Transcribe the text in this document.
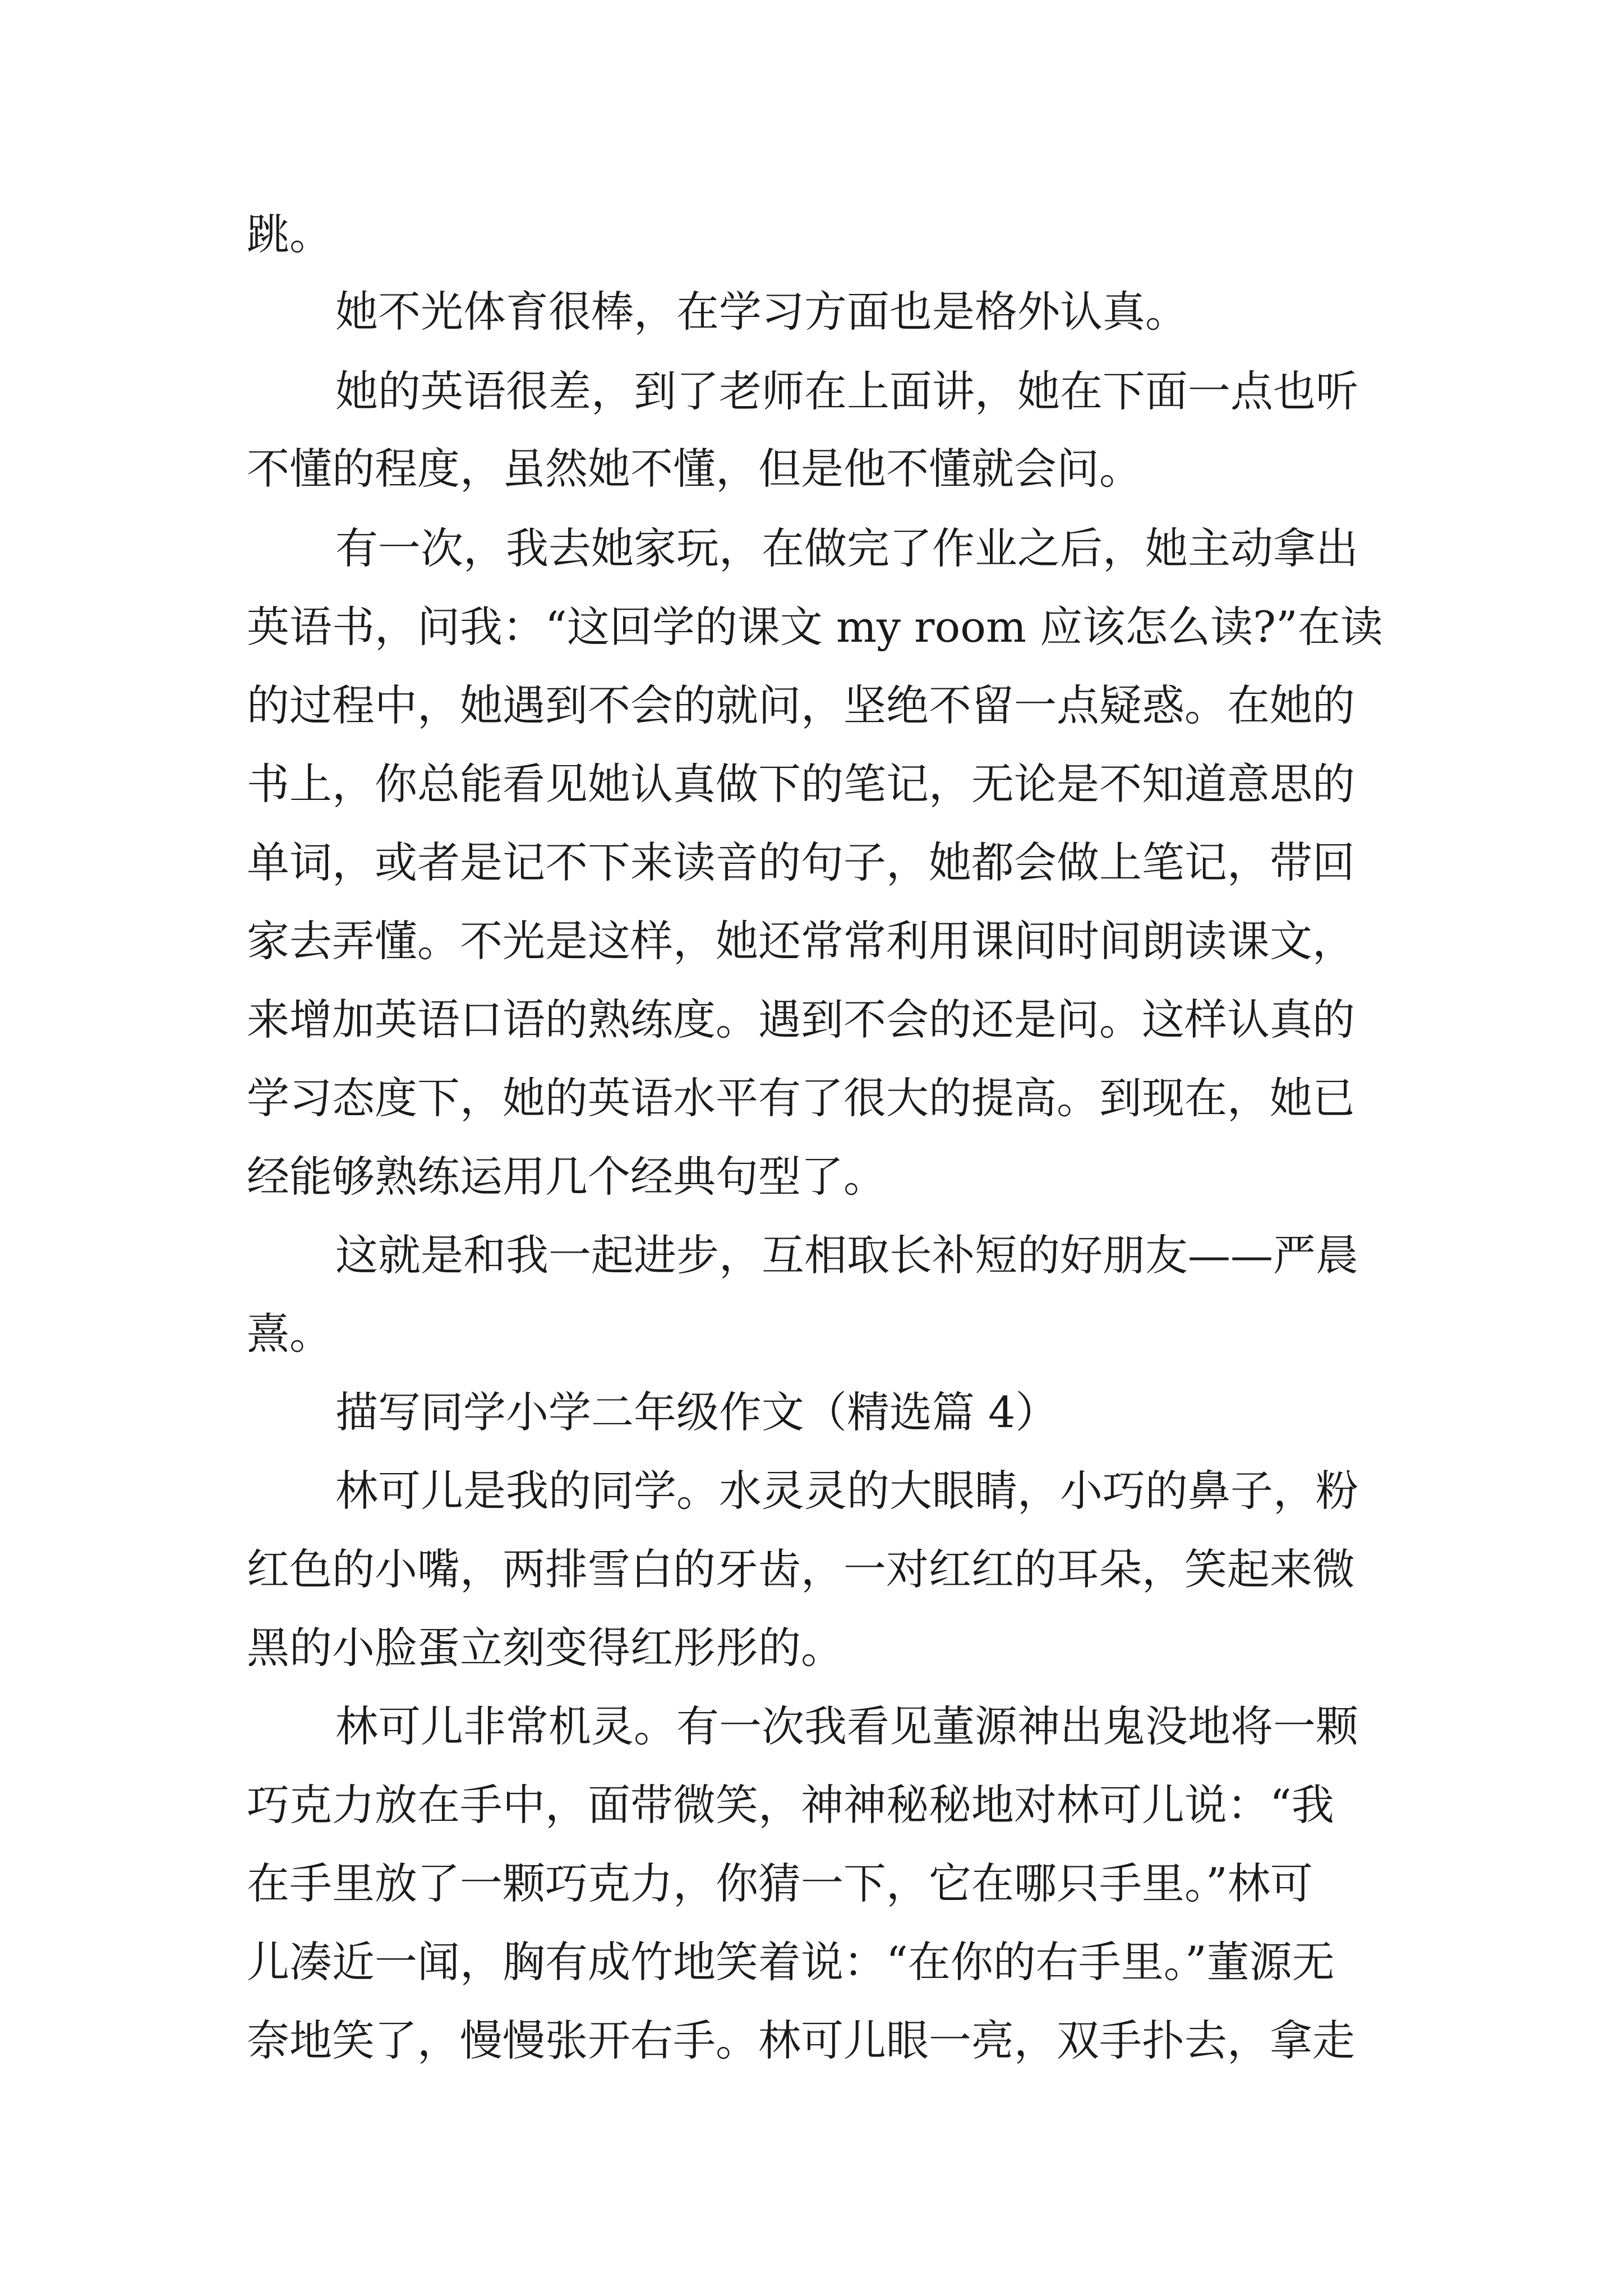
跳。

她不光体育很棒，在学习方面也是格外认真。

她的英语很差，到了老师在上面讲，她在下面一点也听

不懂的程度，虽然她不懂，但是他不懂就会问。

有一次，我去她家玩，在做完了作业之后，她主动拿出

英语书，问我：“这回学的课文 my room 应该怎么读?”在读

的过程中，她遇到不会的就问，坚绝不留一点疑惑。在她的

书上，你总能看见她认真做下的笔记，无论是不知道意思的

单词，或者是记不下来读音的句子，她都会做上笔记，带回

家去弄懂。不光是这样，她还常常利用课间时间朗读课文，

来增加英语口语的熟练度。遇到不会的还是问。这样认真的

学习态度下，她的英语水平有了很大的提高。到现在，她已

经能够熟练运用几个经典句型了。

这就是和我一起进步，互相取长补短的好朋友——严晨

熹。

描写同学小学二年级作文（精选篇 4）

林可儿是我的同学。水灵灵的大眼睛，小巧的鼻子，粉

红色的小嘴，两排雪白的牙齿，一对红红的耳朵，笑起来微

黑的小脸蛋立刻变得红彤彤的。

林可儿非常机灵。有一次我看见董源神出鬼没地将一颗

巧克力放在手中，面带微笑，神神秘秘地对林可儿说：“我

在手里放了一颗巧克力，你猜一下，它在哪只手里。”林可

儿凑近一闻，胸有成竹地笑着说：“在你的右手里。”董源无

奈地笑了，慢慢张开右手。林可儿眼一亮，双手扑去，拿走
